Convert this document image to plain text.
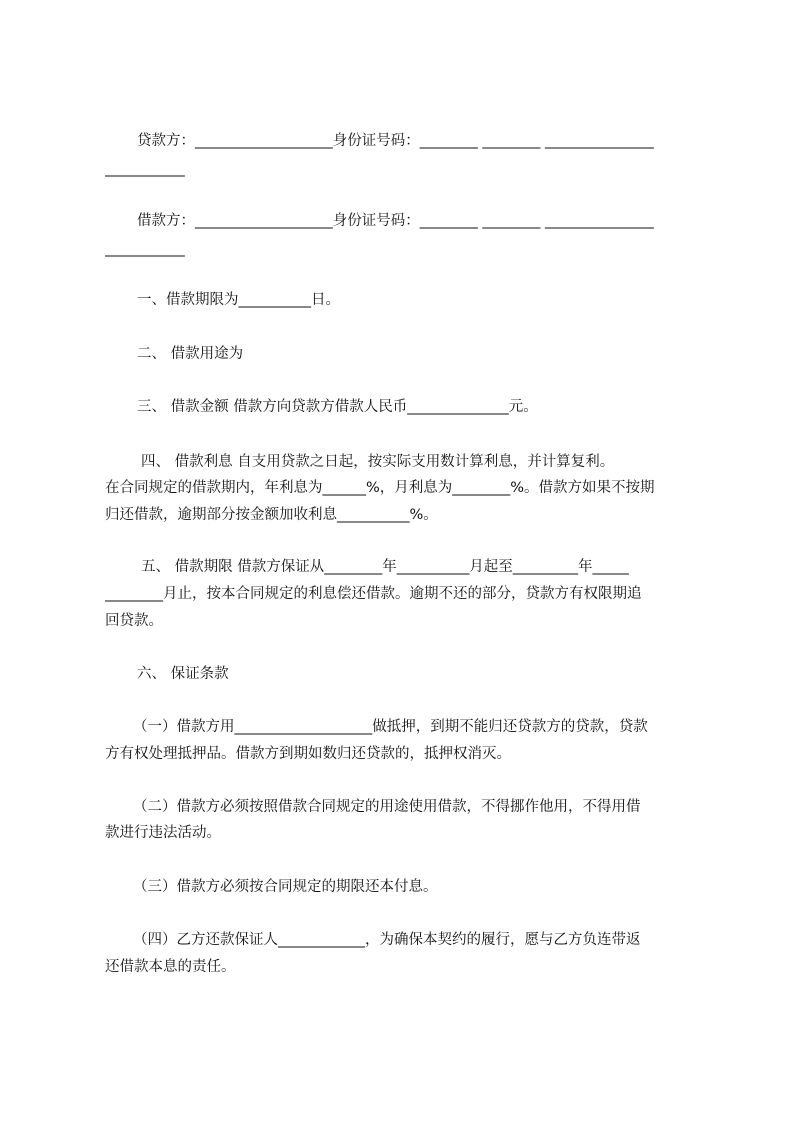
贷款方：___________________身份证号码：________ ________ _______________
___________
借款方：___________________身份证号码：________ ________ _______________
___________
一、借款期限为__________日。
二、 借款用途为
三、 借款金额 借款方向贷款方借款人民币______________元。
四、 借款利息 自支用贷款之日起，按实际支用数计算利息，并计算复利。
在合同规定的借款期内，年利息为______%，月利息为________%。借款方如果不按期
归还借款，逾期部分按金额加收利息__________%。
五、 借款期限 借款方保证从________年__________月起至_________年_____
________月止，按本合同规定的利息偿还借款。逾期不还的部分，贷款方有权限期追
回贷款。
六、 保证条款
（一）借款方用___________________做抵押，到期不能归还贷款方的贷款，贷款
方有权处理抵押品。借款方到期如数归还贷款的，抵押权消灭。
（二）借款方必须按照借款合同规定的用途使用借款，不得挪作他用，不得用借
款进行违法活动。
（三）借款方必须按合同规定的期限还本付息。
（四）乙方还款保证人____________，为确保本契约的履行，愿与乙方负连带返
还借款本息的责任。
